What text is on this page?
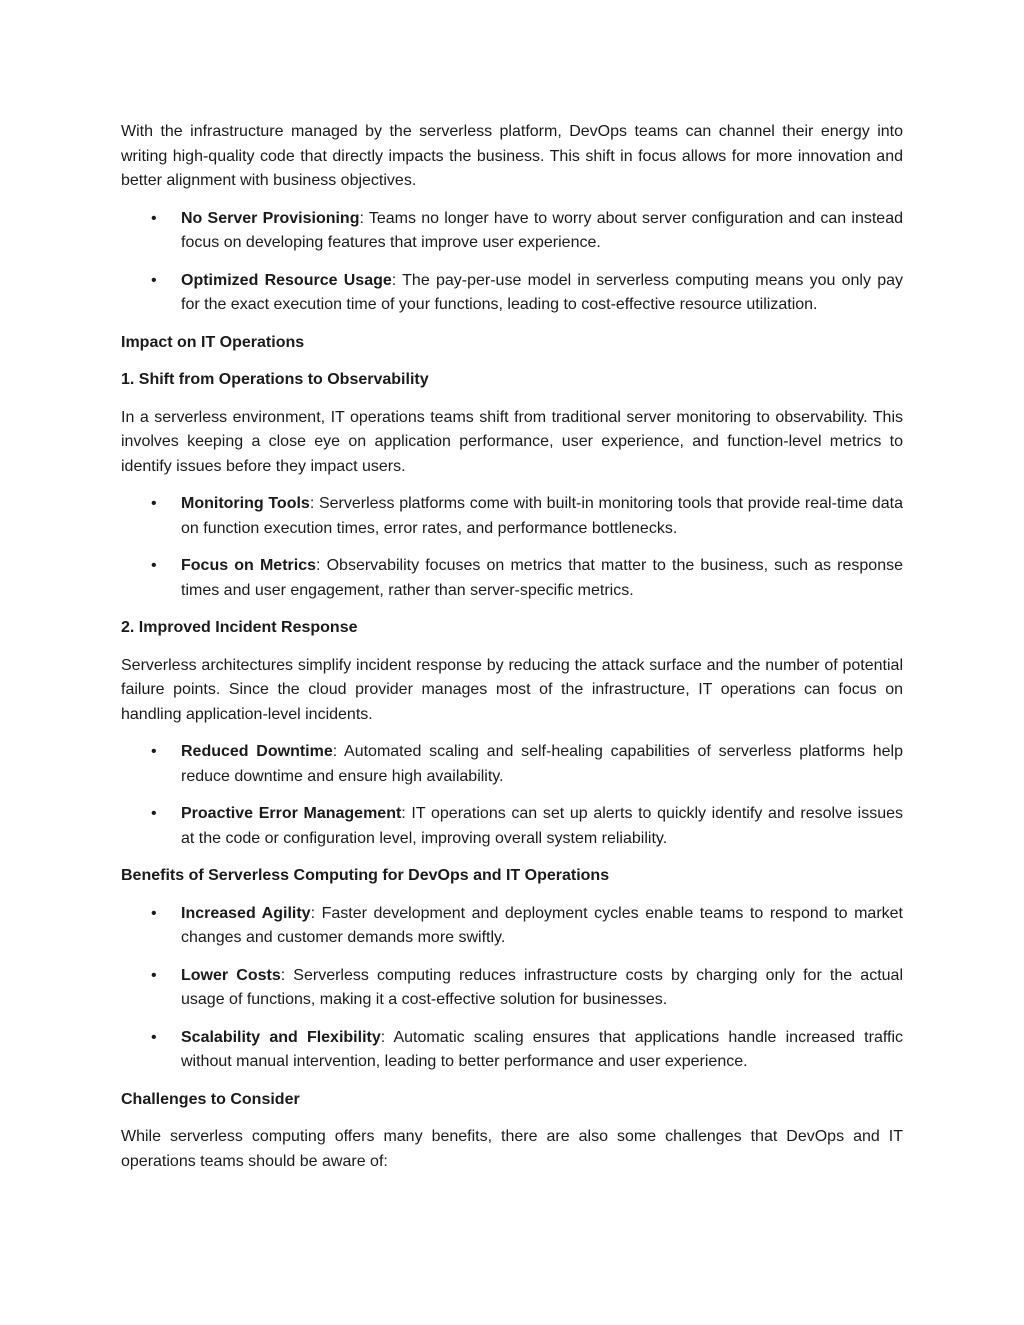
With the infrastructure managed by the serverless platform, DevOps teams can channel their energy into writing high-quality code that directly impacts the business. This shift in focus allows for more innovation and better alignment with business objectives.

• No Server Provisioning: Teams no longer have to worry about server configuration and can instead focus on developing features that improve user experience.
• Optimized Resource Usage: The pay-per-use model in serverless computing means you only pay for the exact execution time of your functions, leading to cost-effective resource utilization.
Impact on IT Operations
1. Shift from Operations to Observability

In a serverless environment, IT operations teams shift from traditional server monitoring to observability. This involves keeping a close eye on application performance, user experience, and function-level metrics to identify issues before they impact users.

• Monitoring Tools: Serverless platforms come with built-in monitoring tools that provide real-time data on function execution times, error rates, and performance bottlenecks.
• Focus on Metrics: Observability focuses on metrics that matter to the business, such as response times and user engagement, rather than server-specific metrics.
2. Improved Incident Response

Serverless architectures simplify incident response by reducing the attack surface and the number of potential failure points. Since the cloud provider manages most of the infrastructure, IT operations can focus on handling application-level incidents.

• Reduced Downtime: Automated scaling and self-healing capabilities of serverless platforms help reduce downtime and ensure high availability.
• Proactive Error Management: IT operations can set up alerts to quickly identify and resolve issues at the code or configuration level, improving overall system reliability.
Benefits of Serverless Computing for DevOps and IT Operations
• Increased Agility: Faster development and deployment cycles enable teams to respond to market changes and customer demands more swiftly.
• Lower Costs: Serverless computing reduces infrastructure costs by charging only for the actual usage of functions, making it a cost-effective solution for businesses.
• Scalability and Flexibility: Automatic scaling ensures that applications handle increased traffic without manual intervention, leading to better performance and user experience.
Challenges to Consider

While serverless computing offers many benefits, there are also some challenges that DevOps and IT operations teams should be aware of:
